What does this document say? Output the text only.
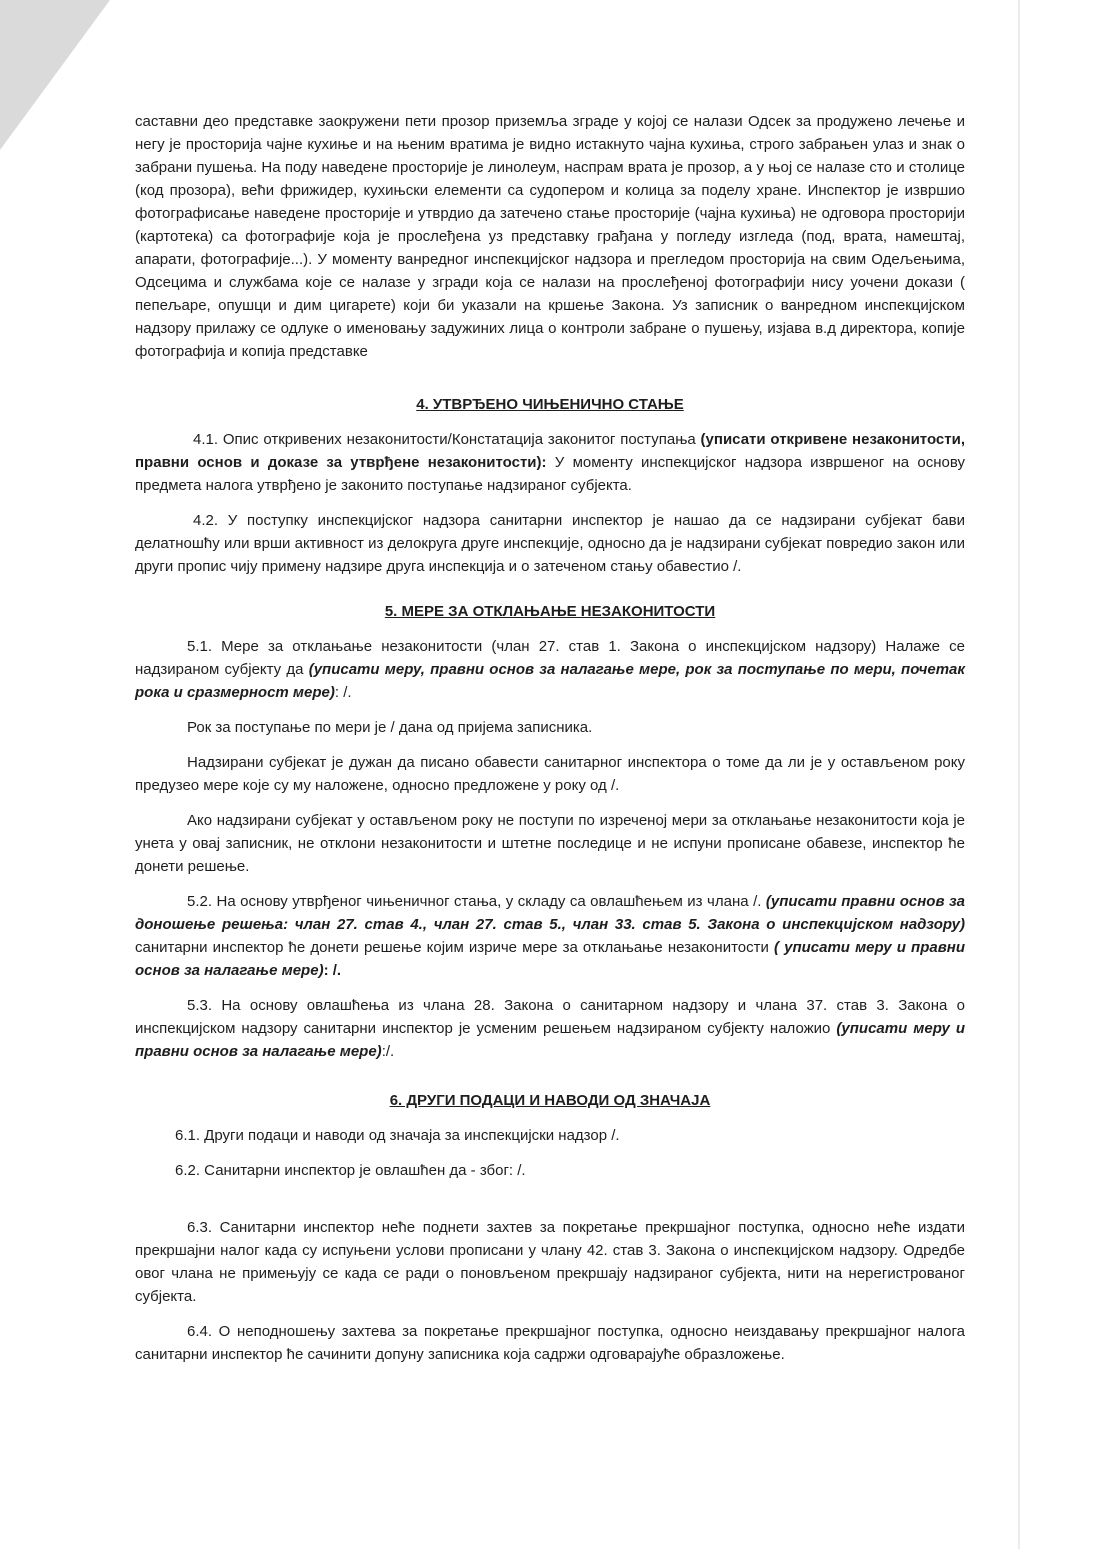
саставни део представке заокружени пети прозор приземља зграде у којој се налази Одсек за продужено лечење и негу је просторија чајне кухиње и на њеним вратима је видно истакнуто чајна кухиња, строго забрањен улаз и знак о забрани пушења. На поду наведене просторије је линолеум, наспрам врата је прозор, а у њој се налазе сто и столице (код прозора), већи фрижидер, кухињски елементи са судопером и колица за поделу хране. Инспектор је извршио фотографисање наведене просторије и утврдио да затечено стање просторије (чајна кухиња) не одговора просторији (картотека) са фотографије која је прослеђена уз представку грађана у погледу изгледа (под, врата, намештај, апарати, фотографије...). У моменту ванредног инспекцијског надзора и прегледом просторија на свим Одељењима, Одсецима и службама које се налазе у згради која се налази на прослеђеној фотографији нису уочени докази ( пепељаре, опушци и дим цигарете) који би указали на кршење Закона. Уз записник о ванредном инспекцијском надзору прилажу се одлуке о именовању задужиних лица о контроли забране о пушењу, изјава в.д директора, копије фотографија и копија представке

4. УТВРЂЕНО ЧИЊЕНИЧНО СТАЊЕ

4.1. Опис откривених незаконитости/Констатација законитог поступања (уписати откривене незаконитости, правни основ и доказе за утврђене незаконитости): У моменту инспекцијског надзора извршеног на основу предмета налога утврђено је законито поступање надзираног субјекта.

4.2. У поступку инспекцијског надзора санитарни инспектор је нашао да се надзирани субјекат бави делатношћу или врши активност из делокруга друге инспекције, односно да је надзирани субјекат повредио закон или други пропис чију примену надзире друга инспекција и о затеченом стању обавестио /.

5. МЕРЕ ЗА ОТКЛАЊАЊЕ НЕЗАКОНИТОСТИ

5.1. Мере за отклањање незаконитости (члан 27. став 1. Закона о инспекцијском надзору) Налаже се надзираном субјекту да (уписати меру, правни основ за налагање мере, рок за поступање по мери, почетак рока и сразмерност мере): /.

Рок за поступање по мери је / дана од пријема записника.

Надзирани субјекат је дужан да писано обавести санитарног инспектора о томе да ли је у остављеном року предузео мере које су му наложене, односно предложене у року од /.

Ако надзирани субјекат у остављеном року не поступи по изреченој мери за отклањање незаконитости која је унета у овај записник, не отклони незаконитости и штетне последице и не испуни прописане обавезе, инспектор ће донети решење.

5.2. На основу утврђеног чињеничног стања, у складу са овлашћењем из члана /. (уписати правни основ за доношење решења: члан 27. став 4., члан 27. став 5., члан 33. став 5. Закона о инспекцијском надзору) санитарни инспектор ће донети решење којим изриче мере за отклањање незаконитости ( уписати меру и правни основ за налагање мере): /.

5.3. На основу овлашћења из члана 28. Закона о санитарном надзору и члана 37. став 3. Закона о инспекцијском надзору санитарни инспектор је усменим решењем надзираном субјекту наложио (уписати меру и правни основ за налагање мере):/.

6. ДРУГИ ПОДАЦИ И НАВОДИ ОД ЗНАЧАЈА

6.1. Други подаци и наводи од значаја за инспекцијски надзор /.

6.2. Санитарни инспектор је овлашћен да - због: /.

6.3. Санитарни инспектор неће поднети захтев за покретање прекршајног поступка, односно неће издати прекршајни налог када су испуњени услови прописани у члану 42. став 3. Закона о инспекцијском надзору. Одредбе овог члана не примењују се када се ради о поновљеном прекршају надзираног субјекта, нити на нерегистрованог субјекта.

6.4. О неподношењу захтева за покретање прекршајног поступка, односно неиздавању прекршајног налога санитарни инспектор ће сачинити допуну записника која садржи одговарајуће образложење.
